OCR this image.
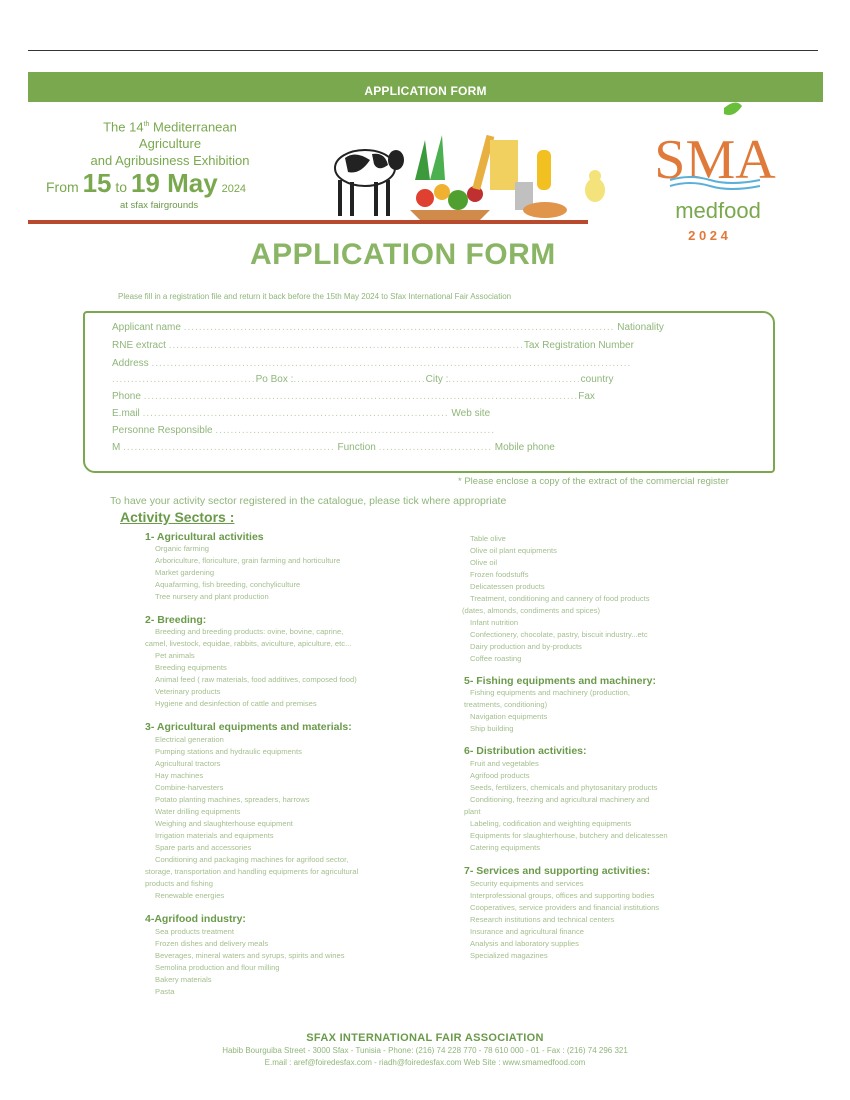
APPLICATION FORM
The 14th Mediterranean
Agriculture
and Agribusiness Exhibition
From 15 to 19 May 2024
at sfax fairgrounds
SMA
medfood
2 0 2 4
APPLICATION FORM
Please fill in a registration file and return it back before the 15th May 2024 to Sfax International Fair Association
Applicant name .................................................................................................................. Nationality
RNE extract ..............................................................................................Tax Registration Number
Address ...............................................................................................................................
......................................Po Box :...................................City :...................................country
Phone ...................................................................................................................Fax
E.mail ................................................................................. Web site
Personne Responsible ..........................................................................
M ........................................................ Function .............................. Mobile phone
* Please enclose a copy of the extract of the commercial register
To have your activity sector registered in the catalogue, please tick where appropriate
Activity Sectors :
1- Agricultural activities
Organic farming
Arboriculture, floriculture, grain farming and horticulture
Market gardening
Aquafarming, fish breeding, conchyliculture
Tree nursery and plant production
2- Breeding:
Breeding and breeding products: ovine, bovine, caprine,
camel, livestock, equidae, rabbits, aviculture, apiculture, etc...
Pet animals
Breeding equipments
Animal feed ( raw materials, food additives, composed food)
Veterinary products
Hygiene and desinfection of cattle and premises
3- Agricultural equipments and materials:
Electrical generation
Pumping stations and hydraulic equipments
Agricultural tractors
Hay machines
Combine-harvesters
Potato planting machines, spreaders, harrows
Water drilling equipments
Weighing and slaughterhouse equipment
Irrigation materials and equipments
Spare parts and accessories
Conditioning and packaging machines for agrifood sector,
storage, transportation and handling equipments for agricultural
products and fishing
Renewable energies
4-Agrifood industry:
Sea products treatment
Frozen dishes and delivery meals
Beverages, mineral waters and syrups, spirits and wines
Semolina production and flour milling
Bakery materials
Pasta
Table olive
Olive oil plant equipments
Olive oil
Frozen foodstuffs
Delicatessen products
Treatment, conditioning and cannery of food products
(dates, almonds, condiments and spices)
Infant nutrition
Confectionery, chocolate, pastry, biscuit industry...etc
Dairy production and by-products
Coffee roasting
5- Fishing equipments and machinery:
Fishing equipments and machinery (production,
treatments, conditioning)
Navigation equipments
Ship building
6- Distribution activities:
Fruit and vegetables
Agrifood products
Seeds, fertilizers, chemicals and phytosanitary products
Conditioning, freezing and agricultural machinery and
plant
Labeling, codification and weighting equipments
Equipments for slaughterhouse, butchery and delicatessen
Catering equipments
7- Services and supporting activities:
Security equipments and services
Interprofessional groups, offices and supporting bodies
Cooperatives, service providers and financial institutions
Research institutions and technical centers
Insurance and agricultural finance
Analysis and laboratory supplies
Specialized magazines
SFAX INTERNATIONAL FAIR ASSOCIATION
Habib Bourguiba Street - 3000 Sfax - Tunisia - Phone: (216) 74 228 770 - 78 610 000 - 01 - Fax : (216) 74 296 321
E.mail : aref@foiredesfax.com - riadh@foiredesfax.com Web Site : www.smamedfood.com
